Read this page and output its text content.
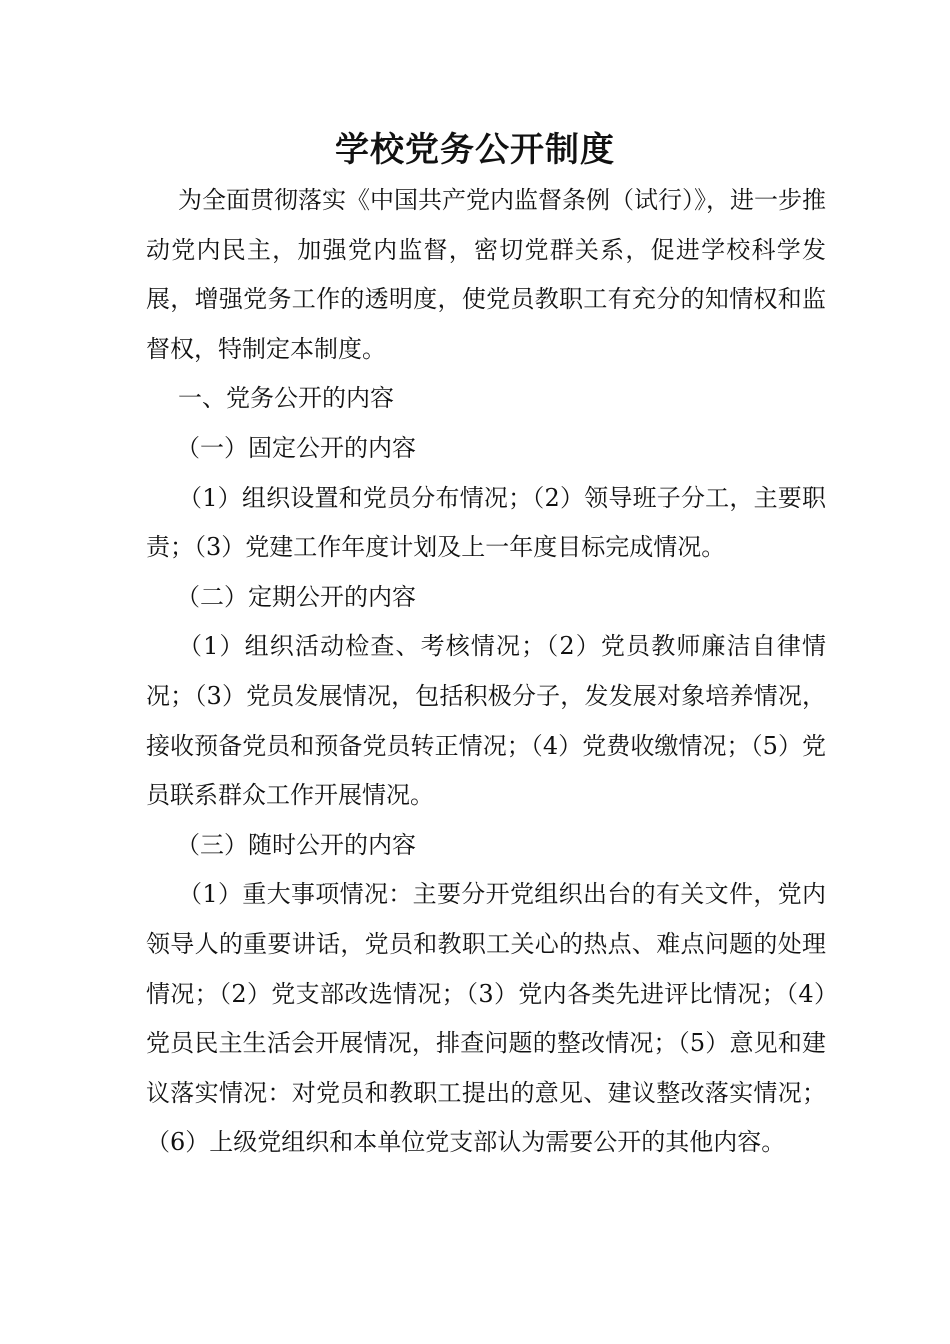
学校党务公开制度

为全面贯彻落实《中国共产党内监督条例（试行）》，进一步推动党内民主，加强党内监督，密切党群关系，促进学校科学发展，增强党务工作的透明度，使党员教职工有充分的知情权和监督权，特制定本制度。

一、党务公开的内容

（一）固定公开的内容

（1）组织设置和党员分布情况；（2）领导班子分工，主要职责；（3）党建工作年度计划及上一年度目标完成情况。

（二）定期公开的内容

（1）组织活动检查、考核情况；（2）党员教师廉洁自律情况；（3）党员发展情况，包括积极分子，发发展对象培养情况，接收预备党员和预备党员转正情况；（4）党费收缴情况；（5）党员联系群众工作开展情况。

（三）随时公开的内容

（1）重大事项情况：主要分开党组织出台的有关文件，党内领导人的重要讲话，党员和教职工关心的热点、难点问题的处理情况；（2）党支部改选情况；（3）党内各类先进评比情况；（4）党员民主生活会开展情况，排查问题的整改情况；（5）意见和建议落实情况：对党员和教职工提出的意见、建议整改落实情况；（6）上级党组织和本单位党支部认为需要公开的其他内容。
